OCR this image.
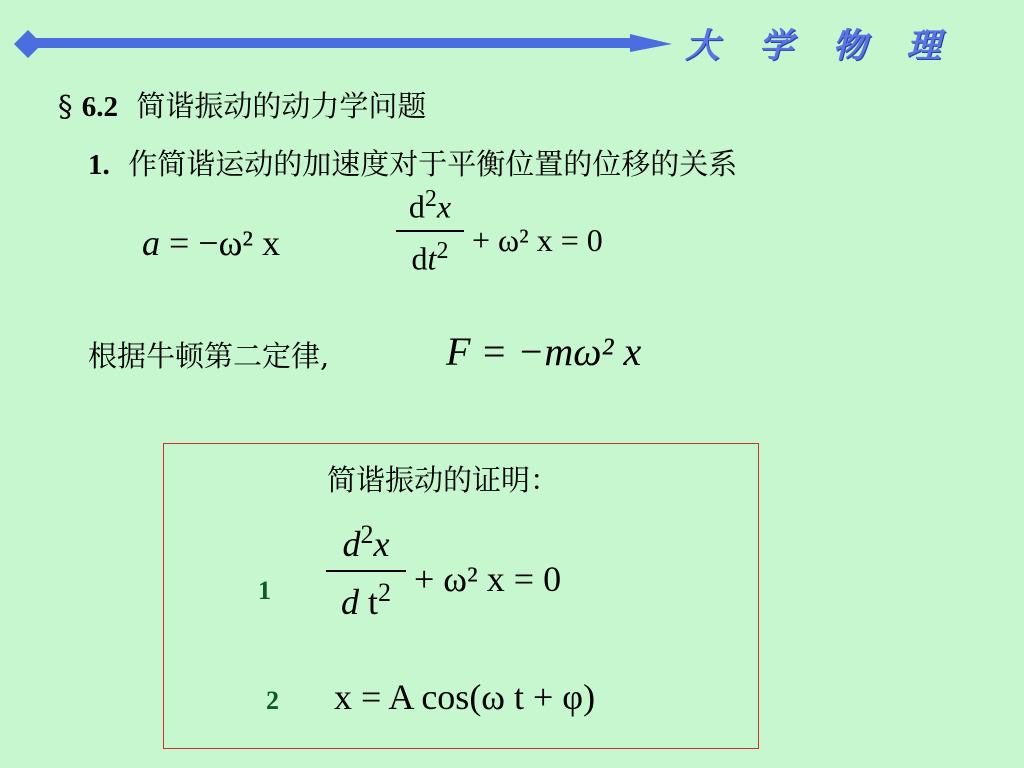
大 学 物 理
§ 6.2 简谐振动的动力学问题
1. 作简谐运动的加速度对于平衡位置的位移的关系
a = −ω² x
$d^2x$
$dt^2 + \omega^2$ x = 0
根据牛顿第二定律,	F = −mω² x
简谐振动的证明：
1
$d^2x$
d $t^2 + \omega^2$ x = 0
2 x = A cos(ω t + φ)
